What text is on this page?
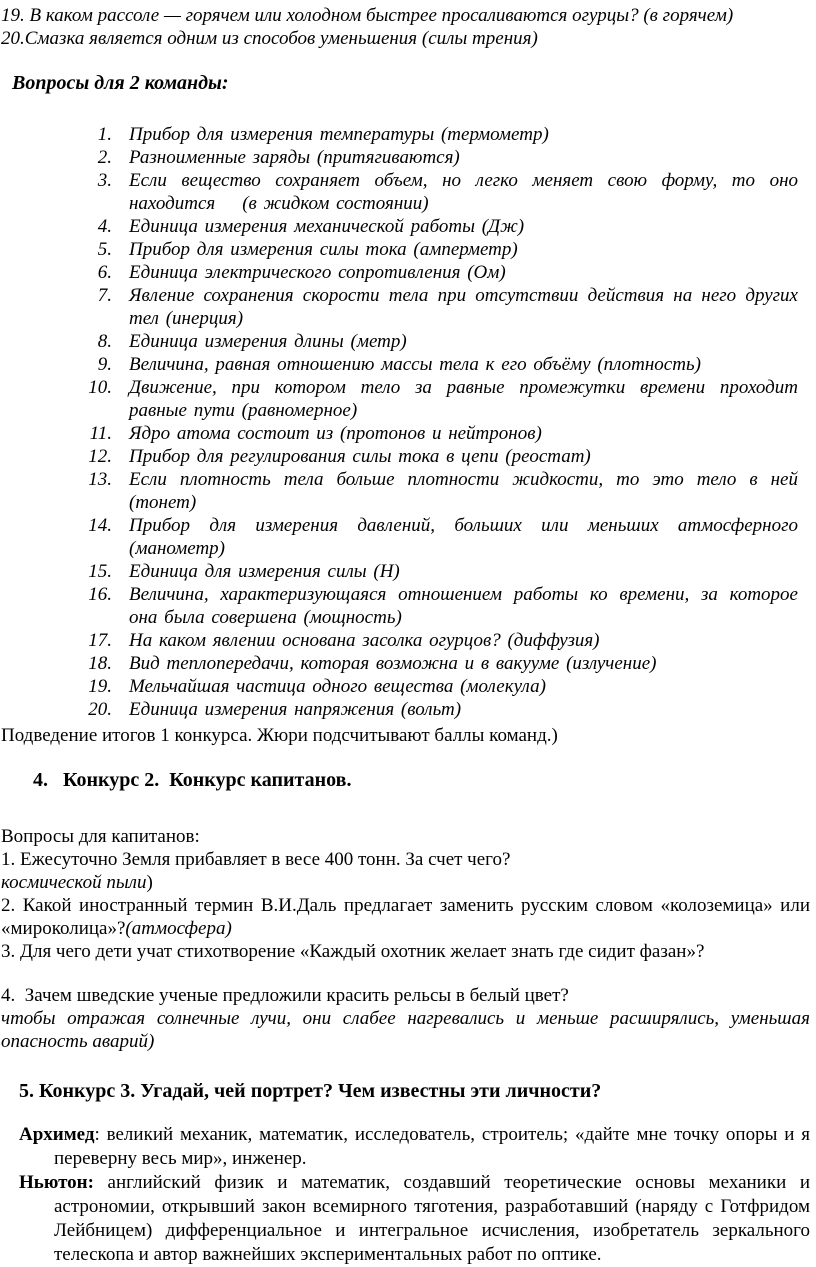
19. В каком рассоле — горячем или холодном быстрее просаливаются огурцы? (в горячем)

20.Смазка является одним из способов уменьшения (силы трения)

Вопросы для 2 команды:
1. Прибор для измерения температуры (термометр)
2. Разноименные заряды (притягиваются)
3. Если вещество сохраняет объем, но легко меняет свою форму, то оно находится    (в жидком состоянии)
4. Единица измерения механической работы (Дж)
5. Прибор для измерения силы тока (амперметр)
6. Единица электрического сопротивления (Ом)
7. Явление сохранения скорости тела при отсутствии действия на него других тел (инерция)
8. Единица измерения длины (метр)
9. Величина, равная отношению массы тела к его объёму (плотность)
10. Движение, при котором тело за равные промежутки времени проходит равные пути (равномерное)
11. Ядро атома состоит из (протонов и нейтронов)
12. Прибор для регулирования силы тока в цепи (реостат)
13. Если плотность тела больше плотности жидкости, то это тело в ней (тонет)
14. Прибор для измерения давлений, больших или меньших атмосферного (манометр)
15. Единица для измерения силы (Н)
16. Величина, характеризующаяся отношением работы ко времени, за которое она была совершена (мощность)
17. На каком явлении основана засолка огурцов? (диффузия)
18. Вид теплопередачи, которая возможна и в вакууме (излучение)
19. Мельчайшая частица одного вещества (молекула)
20. Единица измерения напряжения (вольт)

Подведение итогов 1 конкурса. Жюри подсчитывают баллы команд.)

4.   Конкурс 2.  Конкурс капитанов.

Вопросы для капитанов:

1. Ежесуточно Земля прибавляет в весе 400 тонн. За счет чего?

космической пыли)

2. Какой иностранный термин В.И.Даль предлагает заменить русским словом «колоземица» или «мироколица»?(атмосфера)

3. Для чего дети учат стихотворение «Каждый охотник желает знать где сидит фазан»?

4.  Зачем шведские ученые предложили красить рельсы в белый цвет?

чтобы отражая солнечные лучи, они слабее нагревались и меньше расширялись, уменьшая опасность аварий)

5. Конкурс 3. Угадай, чей портрет? Чем известны эти личности?

Архимед: великий механик, математик, исследователь, строитель; «дайте мне точку опоры и я переверну весь мир», инженер.

Ньютон: английский физик и математик, создавший теоретические основы механики и астрономии, открывший закон всемирного тяготения, разработавший (наряду с Готфридом Лейбницем) дифференциальное и интегральное исчисления, изобретатель зеркального телескопа и автор важнейших экспериментальных работ по оптике.
